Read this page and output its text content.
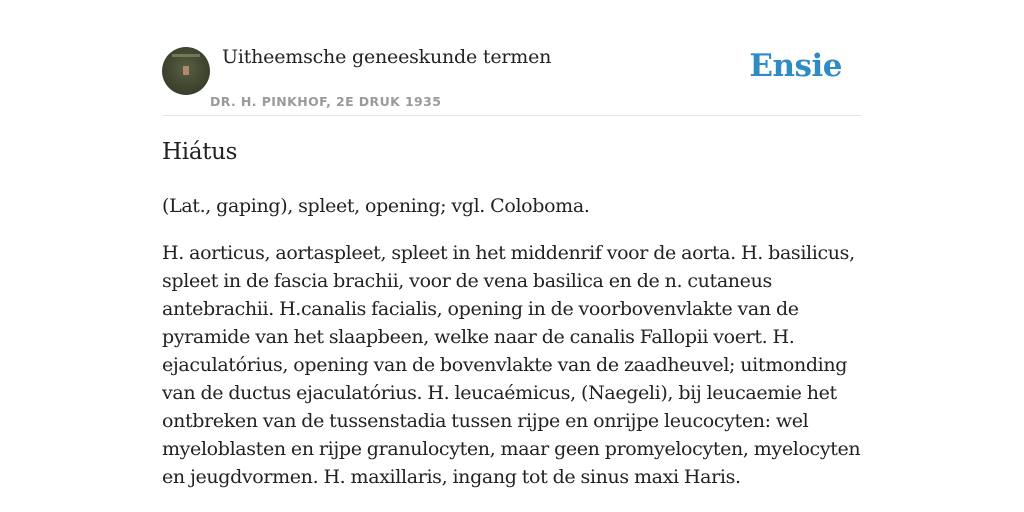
Uitheemsche geneeskunde termen
DR. H. PINKHOF, 2E DRUK 1935
Ensie
Hiátus

(Lat., gaping), spleet, opening; vgl. Coloboma.

H. aorticus, aortaspleet, spleet in het middenrif voor de aorta. H. basilicus, spleet in de fascia brachii, voor de vena basilica en de n. cutaneus antebrachii. H.canalis facialis, opening in de voorbovenvlakte van de pyramide van het slaapbeen, welke naar de canalis Fallopii voert. H. ejaculatórius, opening van de bovenvlakte van de zaadheuvel; uitmonding van de ductus ejaculatórius. H. leucaémicus, (Naegeli), bij leucaemie het ontbreken van de tussenstadia tussen rijpe en onrijpe leucocyten: wel myeloblasten en rijpe granulocyten, maar geen promyelocyten, myelocyten en jeugdvormen. H. maxillaris, ingang tot de sinus maxi Haris.
